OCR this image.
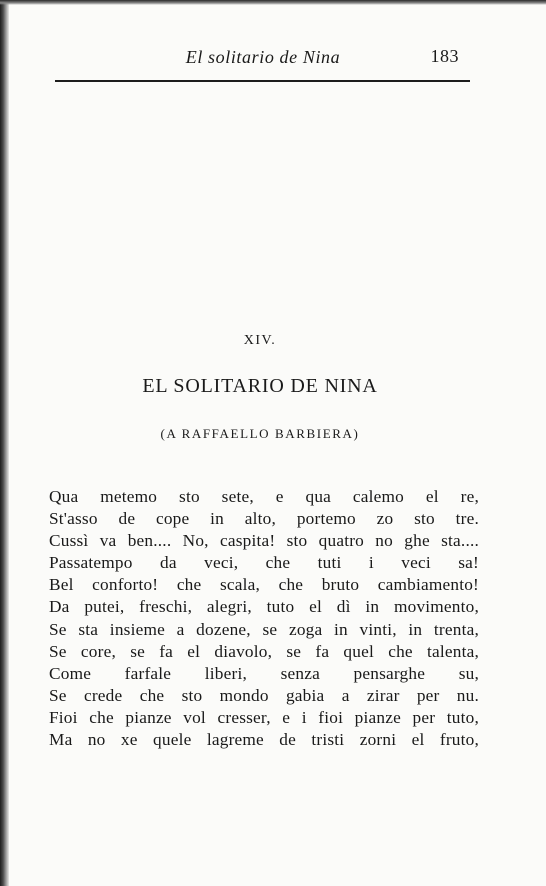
El solitario de Nina	183
XIV.
EL SOLITARIO DE NINA
(A RAFFAELLO BARBIERA)
Qua metemo sto sete, e qua calemo el re,
St'asso de cope in alto, portemo zo sto tre.
Cussì va ben.... No, caspita! sto quatro no ghe sta....
Passatempo da veci, che tuti i veci sa!
Bel conforto! che scala, che bruto cambiamento!
Da putei, freschi, alegri, tuto el dì in movimento,
Se sta insieme a dozene, se zoga in vinti, in trenta,
Se core, se fa el diavolo, se fa quel che talenta,
Come farfale liberi, senza pensarghe su,
Se crede che sto mondo gabia a zirar per nu.
Fioi che pianze vol cresser, e i fioi pianze per tuto,
Ma no xe quele lagreme de tristi zorni el fruto,
